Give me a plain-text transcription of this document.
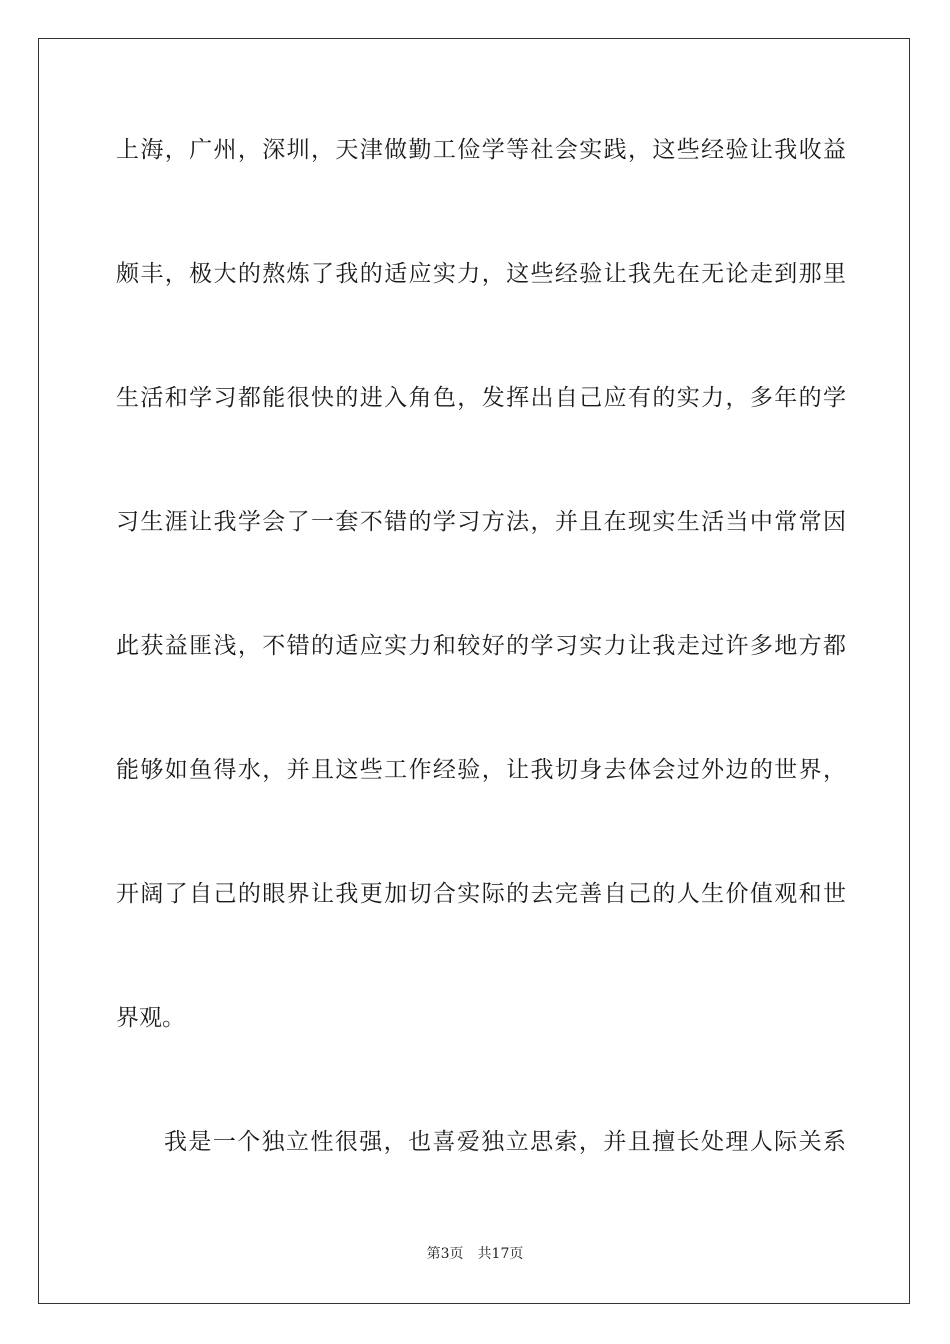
上海，广州，深圳，天津做勤工俭学等社会实践，这些经验让我收益
颇丰，极大的熬炼了我的适应实力，这些经验让我先在无论走到那里
生活和学习都能很快的进入角色，发挥出自己应有的实力，多年的学
习生涯让我学会了一套不错的学习方法，并且在现实生活当中常常因
此获益匪浅，不错的适应实力和较好的学习实力让我走过许多地方都
能够如鱼得水，并且这些工作经验，让我切身去体会过外边的世界，
开阔了自己的眼界让我更加切合实际的去完善自己的人生价值观和世
界观。
我是一个独立性很强，也喜爱独立思索，并且擅长处理人际关系
第3页 共17页
